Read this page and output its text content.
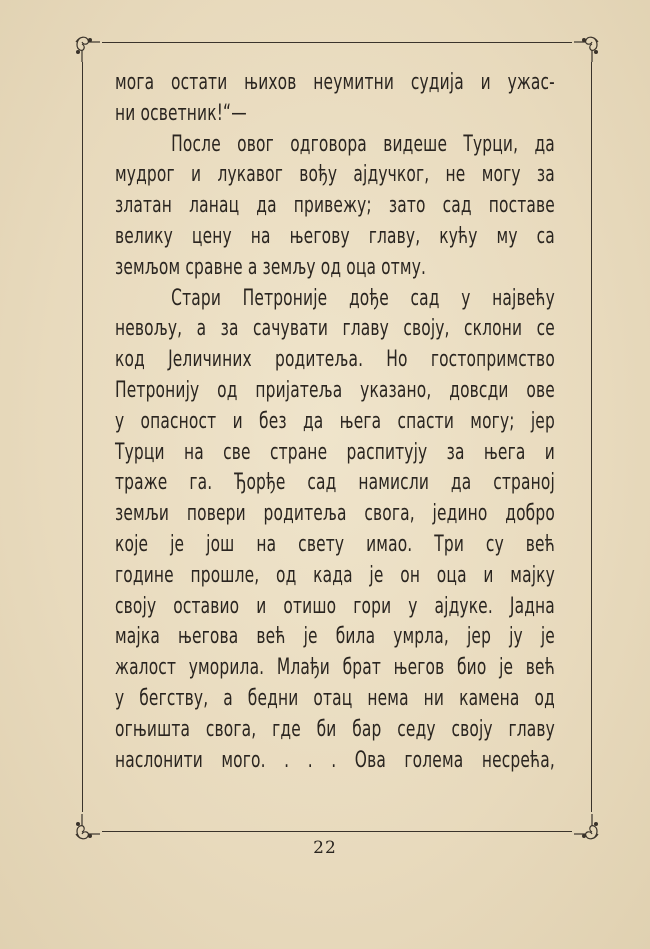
мога остати њихов неумитни судија и ужас-
ни осветник!“—
После овог одговора видеше Турци, да
мудрог и лукавог вођу ајдучког, не могу за
златан ланац да привежу; зато сад поставе
велику цену на његову главу, кућу му са
земљом сравне а земљу од оца отму.
Стари Петроније дође сад у највећу
невољу, а за сачувати главу своју, склони се
код Јеличиних родитеља. Но гостопримство
Петронију од пријатеља указано, довсди ове
у опасност и без да њега спасти могу; јер
Турци на све стране распитују за њега и
траже га. Ђорђе сад намисли да страној
земљи повери родитеља свога, једино добро
које је још на свету имао. Три су већ
године прошле, од када је он оца и мајку
своју оставио и отишо гори у ајдуке. Јадна
мајка његова већ је била умрла, јер ју је
жалост уморила. Млађи брат његов био је већ
у бегству, а бедни отац нема ни камена од
огњишта свога, где би бар седу своју главу
наслонити мого. . . . Ова голема несрећа,
22
